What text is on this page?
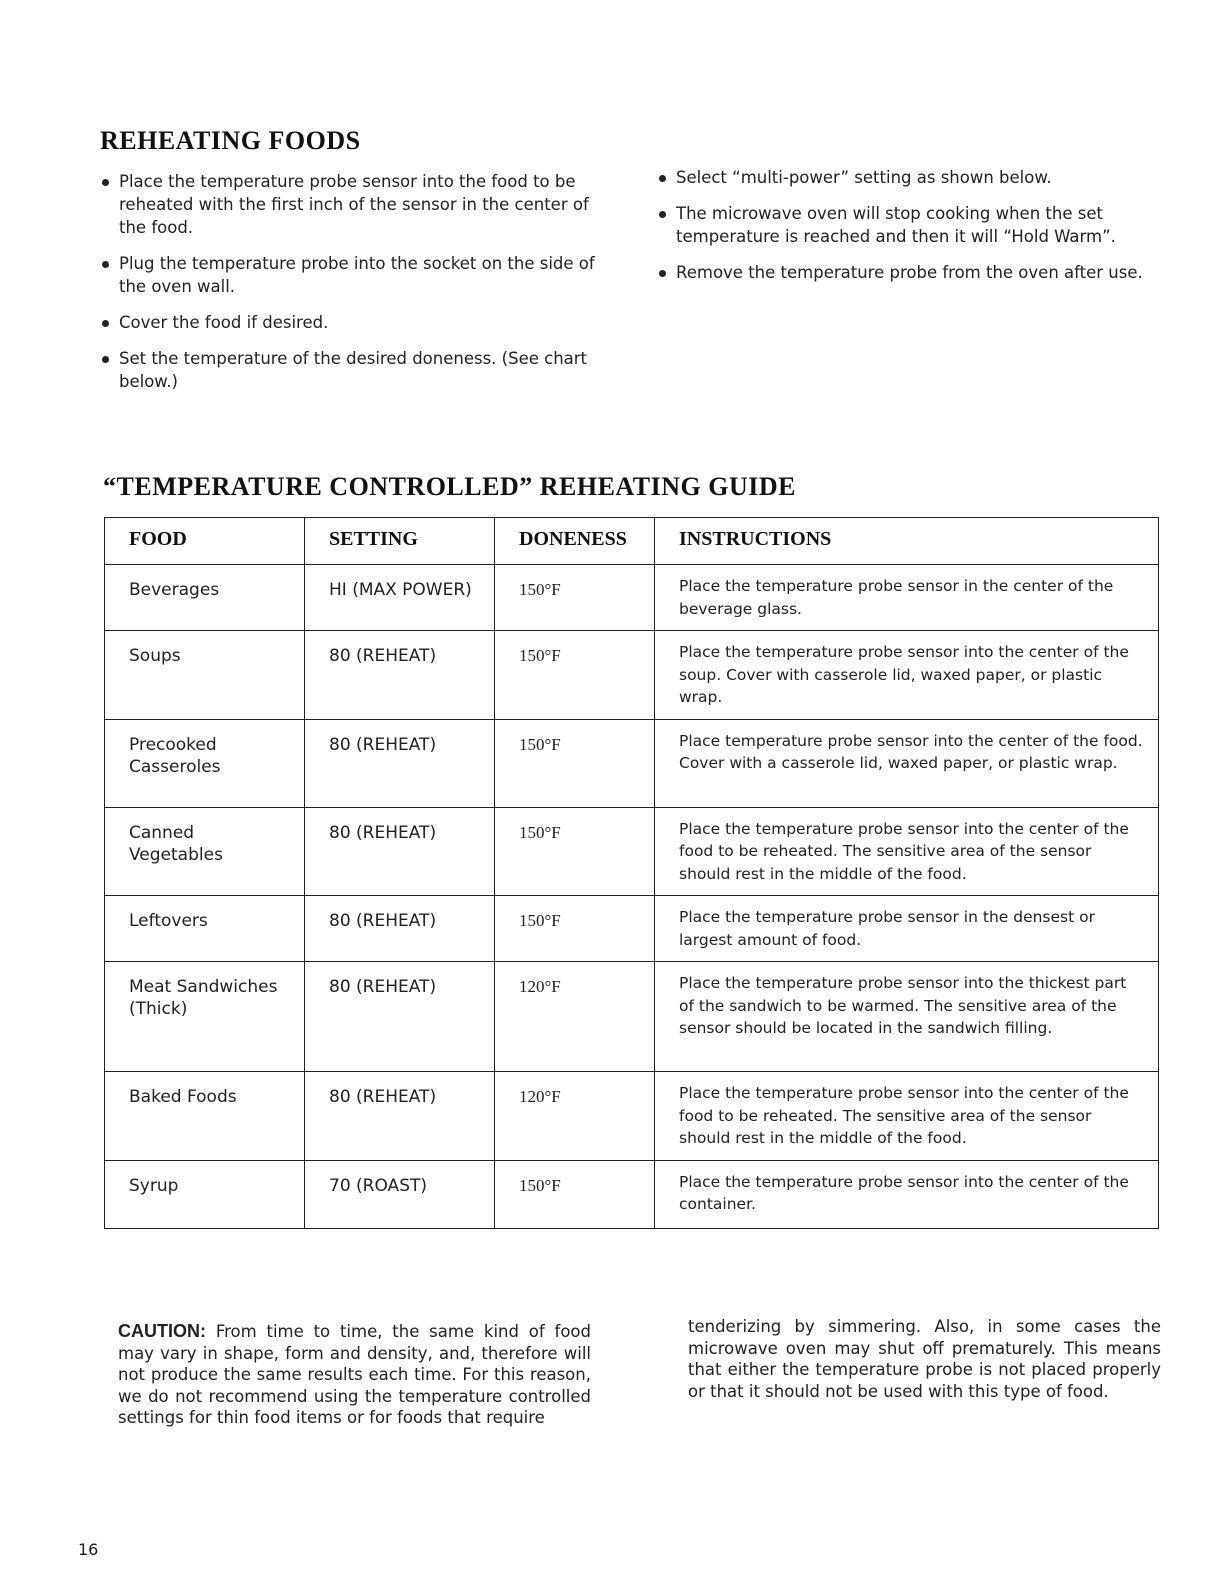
REHEATING FOODS
Place the temperature probe sensor into the food to be reheated with the first inch of the sensor in the center of the food.
Plug the temperature probe into the socket on the side of the oven wall.
Cover the food if desired.
Set the temperature of the desired doneness. (See chart below.)
Select “multi-power” setting as shown below.
The microwave oven will stop cooking when the set temperature is reached and then it will “Hold Warm”.
Remove the temperature probe from the oven after use.
“TEMPERATURE CONTROLLED” REHEATING GUIDE
FOOD	SETTING	DONENESS	INSTRUCTIONS
Beverages	HI (MAX POWER)	150°F	Place the temperature probe sensor in the center of the beverage glass.
Soups	80 (REHEAT)	150°F	Place the temperature probe sensor into the center of the soup. Cover with casserole lid, waxed paper, or plastic wrap.
Precooked Casseroles	80 (REHEAT)	150°F	Place temperature probe sensor into the center of the food. Cover with a casserole lid, waxed paper, or plastic wrap.
Canned Vegetables	80 (REHEAT)	150°F	Place the temperature probe sensor into the center of the food to be reheated. The sensitive area of the sensor should rest in the middle of the food.
Leftovers	80 (REHEAT)	150°F	Place the temperature probe sensor in the densest or largest amount of food.
Meat Sandwiches (Thick)	80 (REHEAT)	120°F	Place the temperature probe sensor into the thickest part of the sandwich to be warmed. The sensitive area of the sensor should be located in the sandwich filling.
Baked Foods	80 (REHEAT)	120°F	Place the temperature probe sensor into the center of the food to be reheated. The sensitive area of the sensor should rest in the middle of the food.
Syrup	70 (ROAST)	150°F	Place the temperature probe sensor into the center of the container.
CAUTION: From time to time, the same kind of food may vary in shape, form and density, and, therefore will not produce the same results each time. For this reason, we do not recommend using the temperature controlled settings for thin food items or for foods that require
tenderizing by simmering. Also, in some cases the microwave oven may shut off prematurely. This means that either the temperature probe is not placed properly or that it should not be used with this type of food.
16
